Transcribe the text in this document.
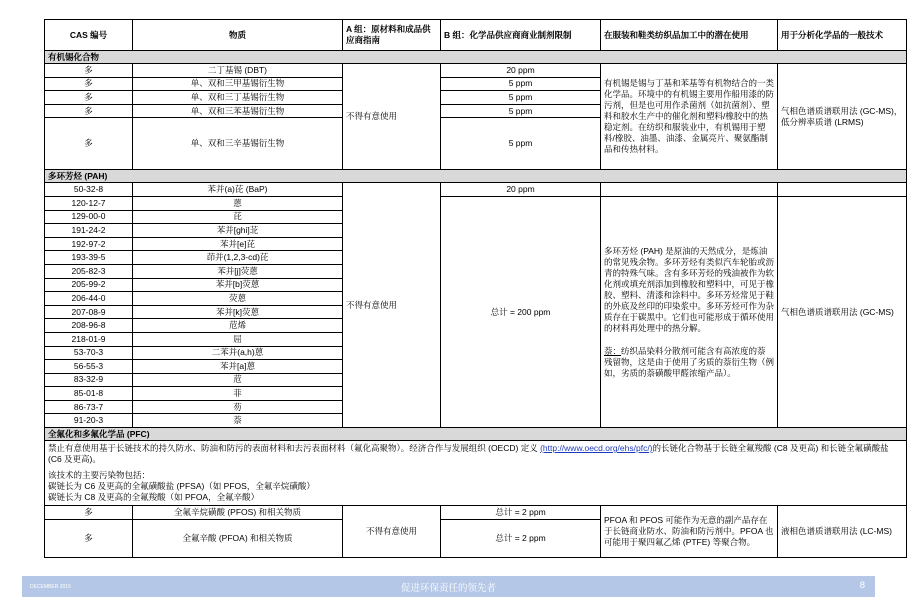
CAS 编号	物质	A 组：原材料和成品供应商指南	B 组：化学品供应商商业制剂限制	在服装和鞋类纺织品加工中的潜在使用	用于分析化学品的一般技术
有机锡化合物					
多	二丁基锡 (DBT)	不得有意使用	20 ppm	有机锡是锡与丁基和苯基等有机物结合的一类化学品。环境中的有机锡主要用作船用漆的防污剂，但是也可用作杀菌剂（如抗菌剂）、塑料和胶水生产中的催化剂和塑料/橡胶中的热稳定剂。在纺织和服装业中，有机锡用于塑料/橡胶、油墨、油漆、金属亮片、聚氨酯制品和传热材料。	气相色谱质谱联用法 (GC-MS)，低分辨率质谱 (LRMS)
多	单、双和三甲基锡衍生物		5 ppm		
多	单、双和三丁基锡衍生物		5 ppm		
多	单、双和三苯基锡衍生物		5 ppm		
多	单、双和三辛基锡衍生物		5 ppm		
多环芳烃 (PAH)					
50-32-8	苯并(a)芘 (BaP)	不得有意使用	20 ppm		
120-12-7	蒽		总计 = 200 ppm	多环芳烃 (PAH) 是原油的天然成分，是炼油的常见残余物。多环芳烃有类似汽车轮胎或沥青的特殊气味。含有多环芳烃的残油被作为软化剂或填充剂添加到橡胶和塑料中，可见于橡胶、塑料、清漆和涂料中。多环芳烃常见于鞋的外底及丝印的印染浆中。多环芳烃可作为杂质存在于碳黑中。它们也可能形成于循环使用的材料再处理中的热分解。
萘：纺织品染料分散剂可能含有高浓度的萘残留物，这是由于使用了劣质的萘衍生物（例如，劣质的萘磺酸甲醛浓缩产品）。	气相色谱质谱联用法 (GC-MS)
129-00-0	芘				
191-24-2	苯并[ghi]苝				
192-97-2	苯并[e]芘				
193-39-5	茚并(1,2,3-cd)芘				
205-82-3	苯并[j]荧蒽				
205-99-2	苯并[b]荧蒽				
206-44-0	荧蒽				
207-08-9	苯并[k]荧蒽				
208-96-8	苊烯				
218-01-9	屈				
53-70-3	二苯并(a,h)蒽				
56-55-3	苯并[a]蒽				
83-32-9	苊				
85-01-8	菲				
86-73-7	芴				
91-20-3	萘				
全氟化和多氟化学品 (PFC)					

禁止有意使用基于长链技术的持久防水、防油和防污的表面材料和去污表面材料（氟化高聚物）。经济合作与发展组织 (OECD) 定义 (http://www.oecd.org/ehs/pfc/)的长链化合物基于长链全氟羧酸 (C8 及更高) 和长链全氟磺酸盐 (C6 及更高)。
该技术的主要污染物包括：
碳链长为 C6 及更高的全氟磺酸盐 (PFSA)（如 PFOS，全氟辛烷磺酸）
碳链长为 C8 及更高的全氟羧酸（如 PFOA，全氟辛酸）					

多	全氟辛烷磺酸 (PFOS) 和相关物质	不得有意使用	总计 = 2 ppm	PFOA 和 PFOS 可能作为无意的副产品存在于长链商业防水、防油和防污剂中。PFOA 也可能用于聚四氟乙烯 (PTFE) 等聚合物。	液相色谱质谱联用法 (LC-MS)
多	全氟辛酸 (PFOA) 和相关物质		总计 = 2 ppm		
DECEMBER 2015	促进环保责任的领先者	8
